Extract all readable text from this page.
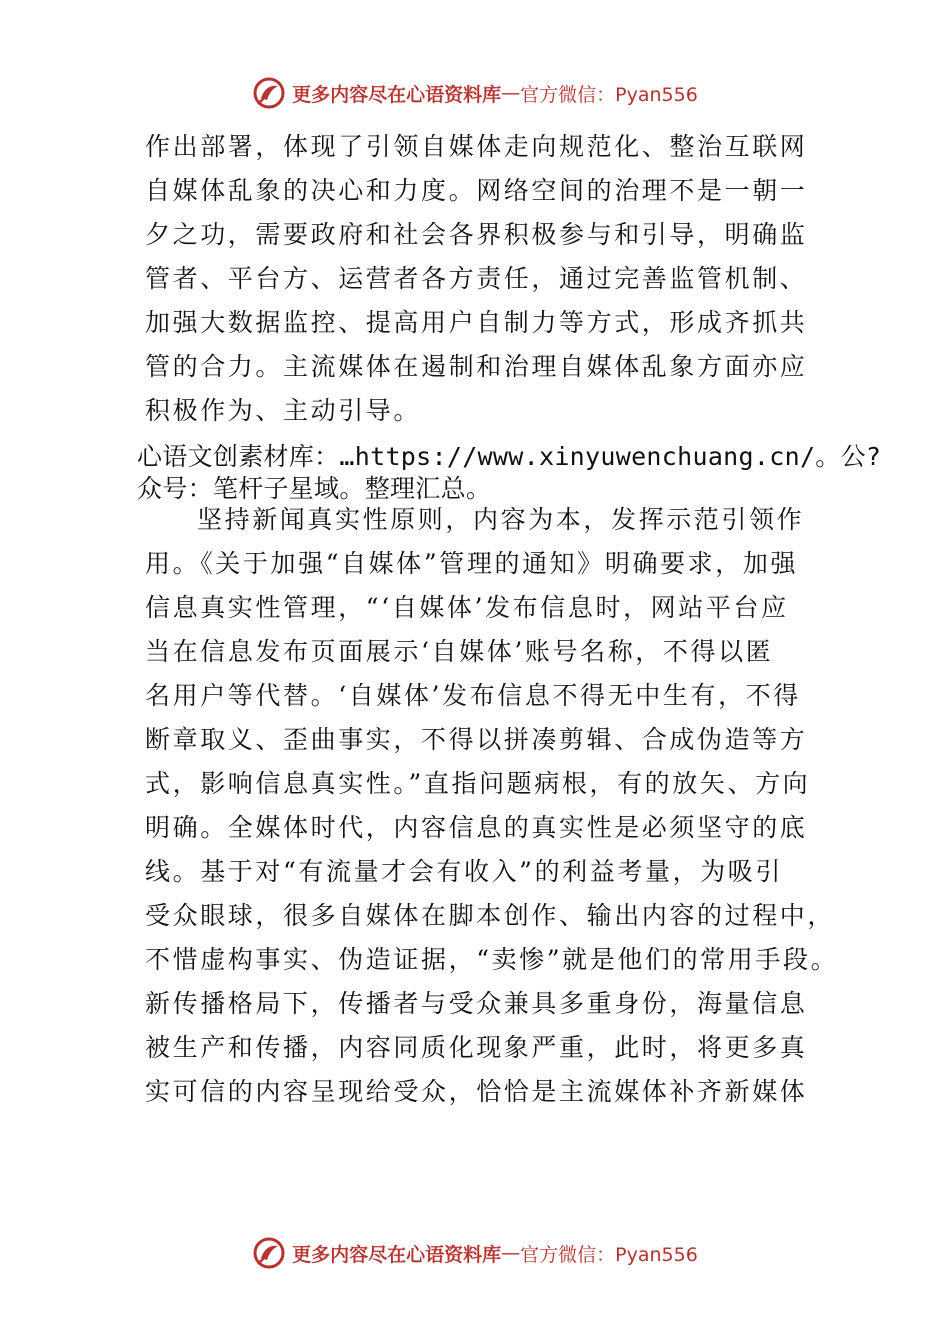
更多内容尽在心语资料库 — 官方微信：Pyan556
作出部署，体现了引领自媒体走向规范化、整治互联网
自媒体乱象的决心和力度。网络空间的治理不是一朝一
夕之功，需要政府和社会各界积极参与和引导，明确监
管者、平台方、运营者各方责任，通过完善监管机制、
加强大数据监控、提高用户自制力等方式，形成齐抓共
管的合力。主流媒体在遏制和治理自媒体乱象方面亦应
积极作为、主动引导。
心语文创素材库：…https://www.xinyuwenchuang.cn/。公?
众号：笔杆子星域。整理汇总。
坚持新闻真实性原则，内容为本，发挥示范引领作
用。《关于加强“自媒体”管理的通知》明确要求，加强
信息真实性管理，“‘自媒体’发布信息时，网站平台应
当在信息发布页面展示‘自媒体’账号名称，不得以匿
名用户等代替。‘自媒体’发布信息不得无中生有，不得
断章取义、歪曲事实，不得以拼凑剪辑、合成伪造等方
式，影响信息真实性。”直指问题病根，有的放矢、方向
明确。全媒体时代，内容信息的真实性是必须坚守的底
线。基于对“有流量才会有收入”的利益考量，为吸引
受众眼球，很多自媒体在脚本创作、输出内容的过程中，
不惜虚构事实、伪造证据，“卖惨”就是他们的常用手段。
新传播格局下，传播者与受众兼具多重身份，海量信息
被生产和传播，内容同质化现象严重，此时，将更多真
实可信的内容呈现给受众，恰恰是主流媒体补齐新媒体
更多内容尽在心语资料库 — 官方微信：Pyan556
